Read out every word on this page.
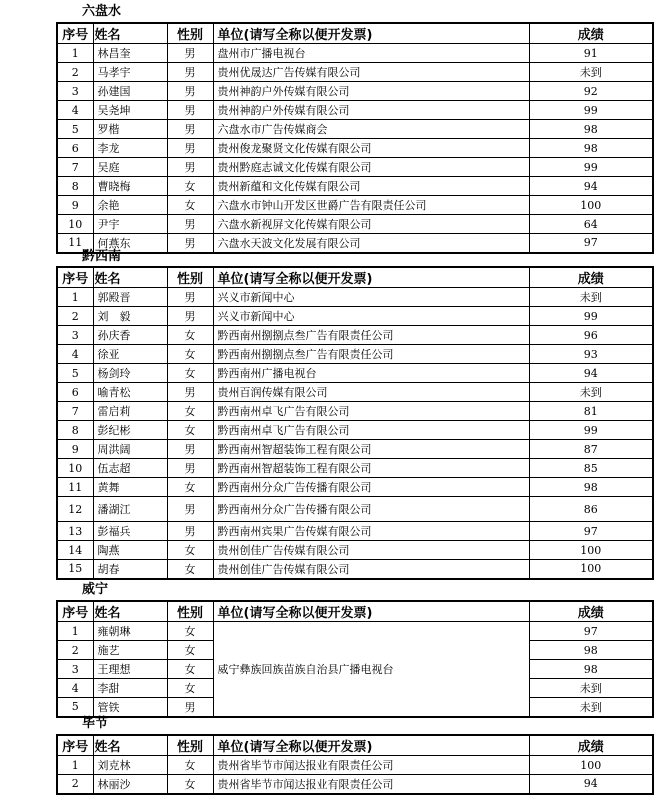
六盘水
序号	姓名	性别	单位(请写全称以便开发票)	成绩
1	林昌奎	男	盘州市广播电视台	91
2	马孝宇	男	贵州优晟达广告传媒有限公司	未到
3	孙建国	男	贵州神韵户外传媒有限公司	92
4	吴尧坤	男	贵州神韵户外传媒有限公司	99
5	罗楷	男	六盘水市广告传媒商会	98
6	李龙	男	贵州俊龙聚贤文化传媒有限公司	98
7	吴庭	男	贵州黔庭志诚文化传媒有限公司	99
8	曹晓梅	女	贵州新蕴和文化传媒有限公司	94
9	余艳	女	六盘水市钟山开发区世爵广告有限责任公司	100
10	尹宇	男	六盘水新视屏文化传媒有限公司	64
11	何燕东	男	六盘水天波文化发展有限公司	97
黔西南
序号	姓名	性别	单位(请写全称以便开发票)	成绩
1	郭殿晋	男	兴义市新闻中心	未到
2	刘　毅	男	兴义市新闻中心	99
3	孙庆香	女	黔西南州捌捌点叁广告有限责任公司	96
4	徐亚	女	黔西南州捌捌点叁广告有限责任公司	93
5	杨剑玲	女	黔西南州广播电视台	94
6	喻青松	男	贵州百润传媒有限公司	未到
7	雷启莉	女	黔西南州卓飞广告有限公司	81
8	彭纪彬	女	黔西南州卓飞广告有限公司	99
9	周洪阔	男	黔西南州智超装饰工程有限公司	87
10	伍志超	男	黔西南州智超装饰工程有限公司	85
11	黄舞	女	黔西南州分众广告传播有限公司	98
12	潘湖江	男	黔西南州分众广告传播有限公司	86
13	彭福兵	男	黔西南州宾果广告传媒有限公司	97
14	陶燕	女	贵州创佳广告传媒有限公司	100
15	胡春	女	贵州创佳广告传媒有限公司	100
威宁
序号	姓名	性别	单位(请写全称以便开发票)	成绩
1	雍朝琳	女	威宁彝族回族苗族自治县广播电视台	97
2	施艺	女		98
3	王理想	女		98
4	李甜	女		未到
5	管铁	男		未到
毕节
序号	姓名	性别	单位(请写全称以便开发票)	成绩
1	刘克林	女	贵州省毕节市闻达报业有限责任公司	100
2	林丽沙	女	贵州省毕节市闻达报业有限责任公司	94
